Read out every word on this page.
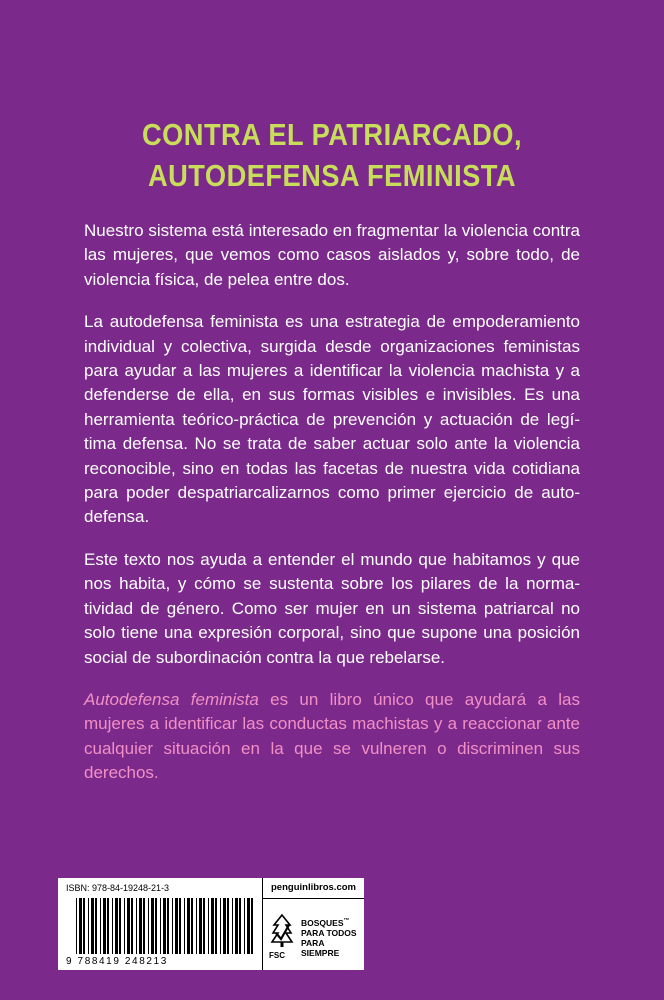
CONTRA EL PATRIARCADO,
AUTODEFENSA FEMINISTA

Nuestro sistema está interesado en fragmentar la violencia contra las mujeres, que vemos como casos aislados y, sobre todo, de violencia física, de pelea entre dos.

La autodefensa feminista es una estrategia de empoderamiento individual y colectiva, surgida desde organizaciones feministas para ayudar a las mujeres a identificar la violencia machista y a defenderse de ella, en sus formas visibles e invisibles. Es una herramienta teórico-práctica de prevención y actuación de legítima defensa. No se trata de saber actuar solo ante la violencia reconocible, sino en todas las facetas de nuestra vida cotidiana para poder despatriarcalizarnos como primer ejercicio de autodefensa.

Este texto nos ayuda a entender el mundo que habitamos y que nos habita, y cómo se sustenta sobre los pilares de la normatividad de género. Como ser mujer en un sistema patriarcal no solo tiene una expresión corporal, sino que supone una posición social de subordinación contra la que rebelarse.

Autodefensa feminista es un libro único que ayudará a las mujeres a identificar las conductas machistas y a reaccionar ante cualquier situación en la que se vulneren o discriminen sus derechos.

ISBN: 978-84-19248-21-3
9 788419 248213
penguinlibros.com
BOSQUES™
PARA TODOS
PARA SIEMPRE
FSC
